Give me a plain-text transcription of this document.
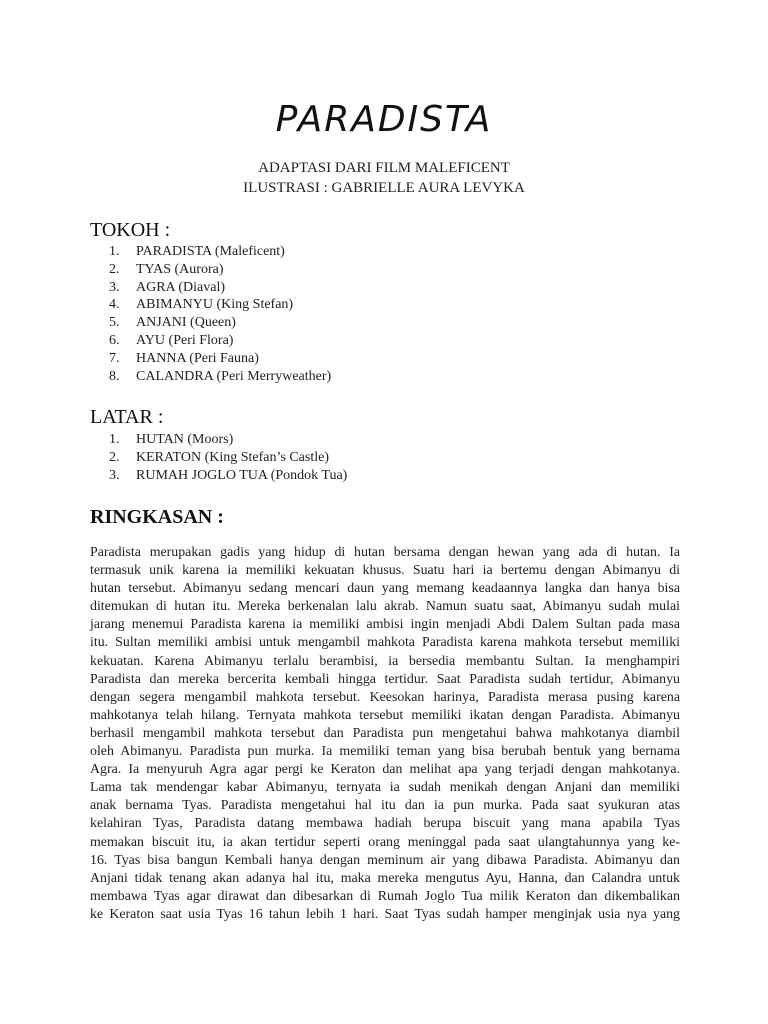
PARADISTA
ADAPTASI DARI FILM MALEFICENT
ILUSTRASI : GABRIELLE AURA LEVYKA
TOKOH :
1. PARADISTA (Maleficent)
2. TYAS (Aurora)
3. AGRA (Diaval)
4. ABIMANYU (King Stefan)
5. ANJANI (Queen)
6. AYU (Peri Flora)
7. HANNA (Peri Fauna)
8. CALANDRA (Peri Merryweather)
LATAR :
1. HUTAN (Moors)
2. KERATON (King Stefan’s Castle)
3. RUMAH JOGLO TUA (Pondok Tua)
RINGKASAN :
Paradista merupakan gadis yang hidup di hutan bersama dengan hewan yang ada di hutan. Ia
termasuk unik karena ia memiliki kekuatan khusus. Suatu hari ia bertemu dengan Abimanyu di
hutan tersebut. Abimanyu sedang mencari daun yang memang keadaannya langka dan hanya bisa
ditemukan di hutan itu. Mereka berkenalan lalu akrab. Namun suatu saat, Abimanyu sudah mulai
jarang menemui Paradista karena ia memiliki ambisi ingin menjadi Abdi Dalem Sultan pada masa
itu. Sultan memiliki ambisi untuk mengambil mahkota Paradista karena mahkota tersebut memiliki
kekuatan. Karena Abimanyu terlalu berambisi, ia bersedia membantu Sultan. Ia menghampiri
Paradista dan mereka bercerita kembali hingga tertidur. Saat Paradista sudah tertidur, Abimanyu
dengan segera mengambil mahkota tersebut. Keesokan harinya, Paradista merasa pusing karena
mahkotanya telah hilang. Ternyata mahkota tersebut memiliki ikatan dengan Paradista. Abimanyu
berhasil mengambil mahkota tersebut dan Paradista pun mengetahui bahwa mahkotanya diambil
oleh Abimanyu. Paradista pun murka. Ia memiliki teman yang bisa berubah bentuk yang bernama
Agra. Ia menyuruh Agra agar pergi ke Keraton dan melihat apa yang terjadi dengan mahkotanya.
Lama tak mendengar kabar Abimanyu, ternyata ia sudah menikah dengan Anjani dan memiliki
anak bernama Tyas. Paradista mengetahui hal itu dan ia pun murka. Pada saat syukuran atas
kelahiran Tyas, Paradista datang membawa hadiah berupa biscuit yang mana apabila Tyas
memakan biscuit itu, ia akan tertidur seperti orang meninggal pada saat ulangtahunnya yang ke-
16. Tyas bisa bangun Kembali hanya dengan meminum air yang dibawa Paradista. Abimanyu dan
Anjani tidak tenang akan adanya hal itu, maka mereka mengutus Ayu, Hanna, dan Calandra untuk
membawa Tyas agar dirawat dan dibesarkan di Rumah Joglo Tua milik Keraton dan dikembalikan
ke Keraton saat usia Tyas 16 tahun lebih 1 hari. Saat Tyas sudah hamper menginjak usia nya yang
